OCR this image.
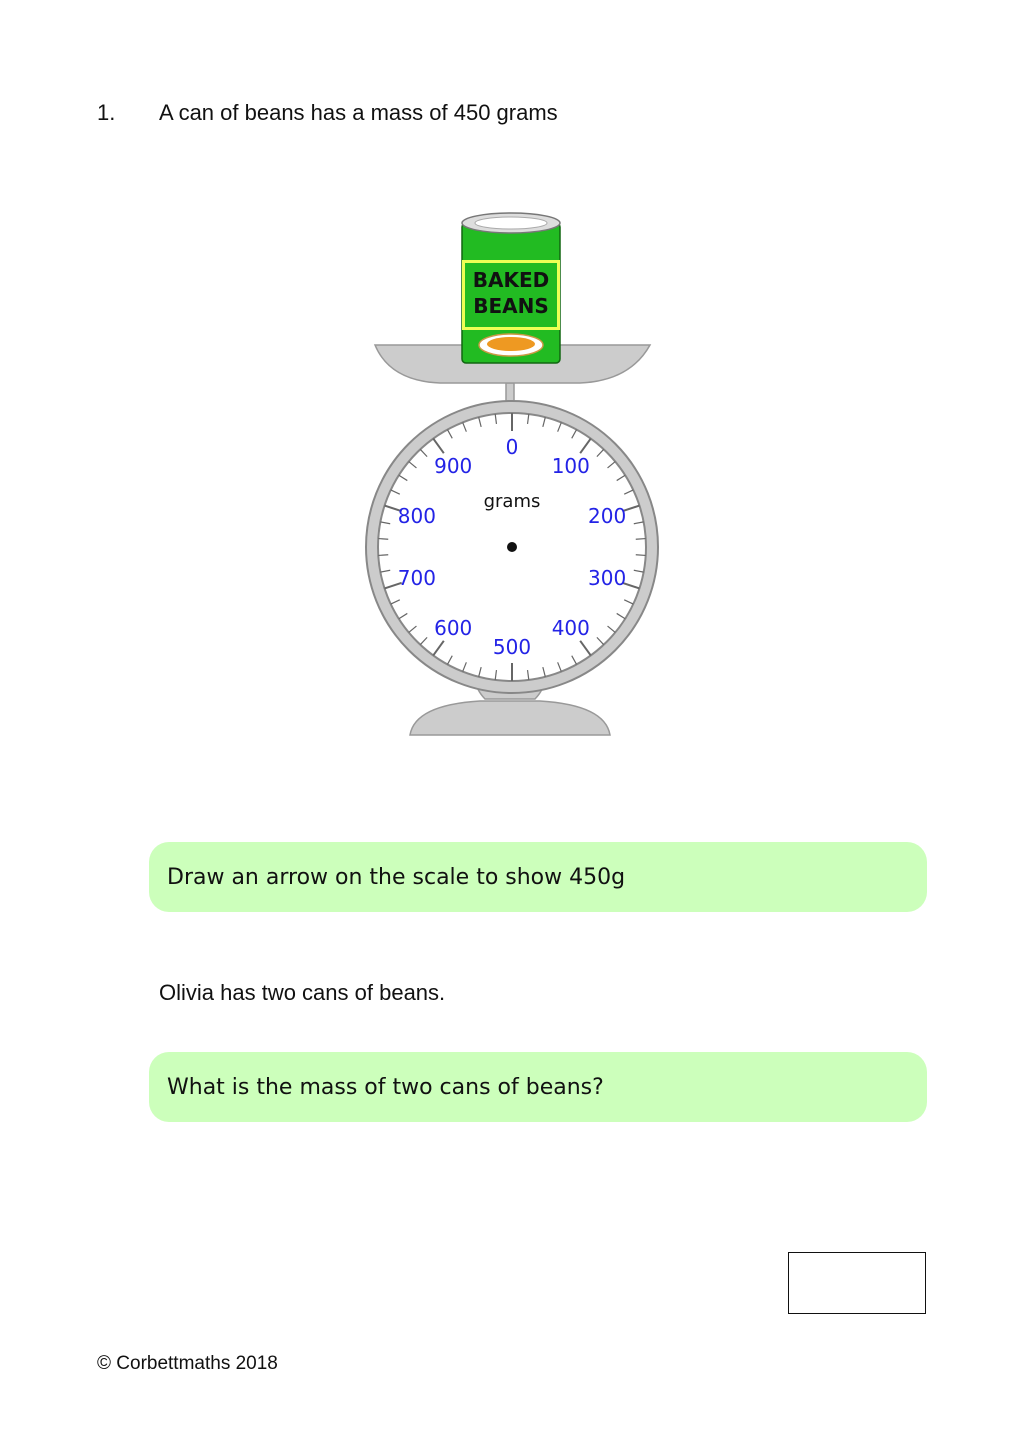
1. A can of beans has a mass of 450 grams
BAKED
BEANS
0
100
200
300
400
500
600
700
800
900
grams
Draw an arrow on the scale to show 450g
Olivia has two cans of beans.
What is the mass of two cans of beans?
© Corbettmaths 2018
